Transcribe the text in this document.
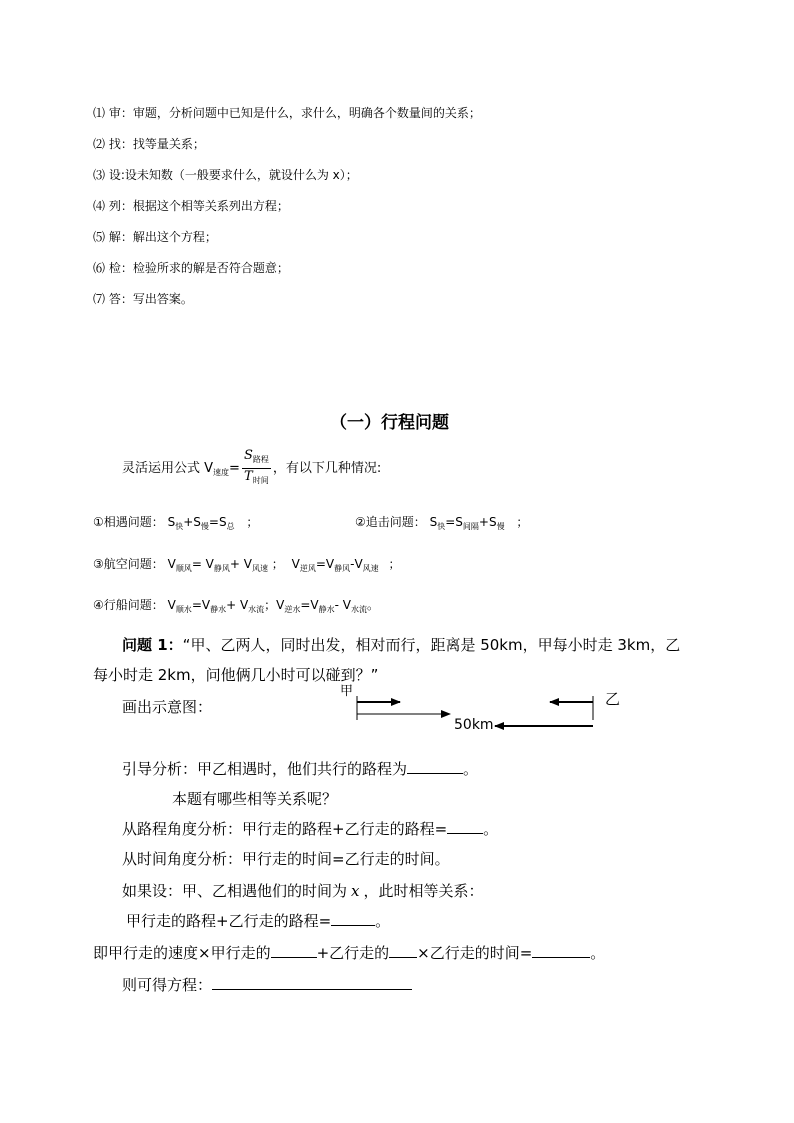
⑴ 审：审题，分析问题中已知是什么，求什么，明确各个数量间的关系；
⑵ 找：找等量关系；
⑶ 设:设未知数（一般要求什么，就设什么为 x）；
⑷ 列：根据这个相等关系列出方程；
⑸ 解：解出这个方程；
⑹ 检：检验所求的解是否符合题意；
⑺ 答：写出答案。
（一）行程问题
灵活运用公式 $V_{速度}= \frac{S_{路程}}{T_{时间}}$ ，有以下几种情况:
①相遇问题： $S_快+S_慢=S_总$ ；	②追击问题： $S_快=S_{间隔}+S_慢$ ；
③航空问题： $V_{顺风}= V_{静风}+ V_{风速}$ ； $V_{逆风}=V_{静风}-V_{风速}$ ；
④行船问题： $V_{顺水}=V_{静水}+ V_{水流}$；$V_{逆水}=V_{静水}-$ $V_{水流}$。
问题 1：“甲、乙两人，同时出发，相对而行，距离是 50km，甲每小时走 3km，乙
每小时走 2km，问他俩几小时可以碰到？”
画出示意图：
甲	乙
50km
引导分析：甲乙相遇时，他们共行的路程为	。
本题有哪些相等关系呢？
从路程角度分析：甲行走的路程+乙行走的路程= 。
从时间角度分析：甲行走的时间=乙行走的时间。
如果设：甲、乙相遇他们的时间为 x ，此时相等关系：
甲行走的路程+乙行走的路程=	。
即甲行走的速度×甲行走的	+乙行走的 ×乙行走的时间=	。
则可得方程：
